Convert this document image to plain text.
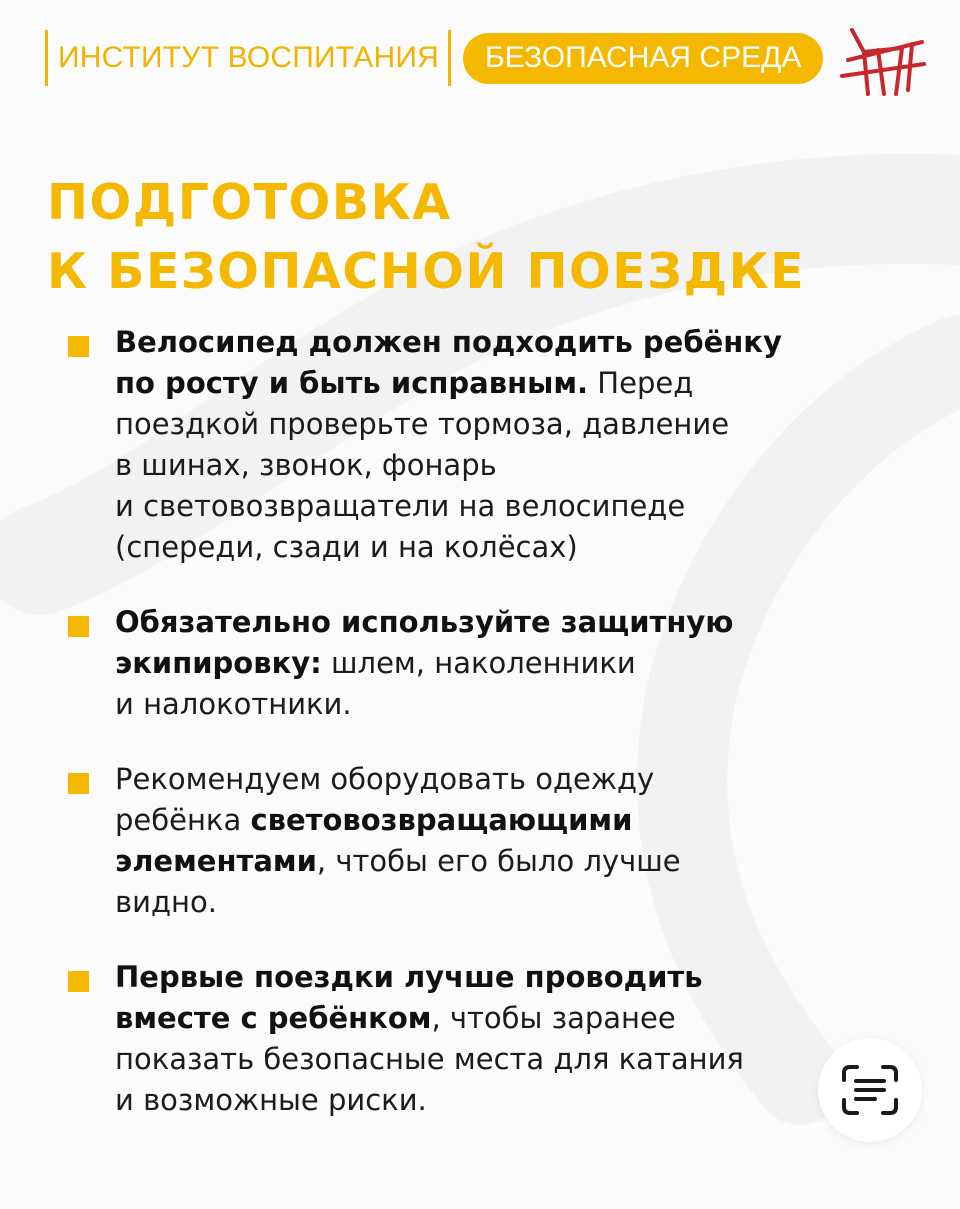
ИНСТИТУТ ВОСПИТАНИЯ	БЕЗОПАСНАЯ СРЕДА
ПОДГОТОВКА
К БЕЗОПАСНОЙ ПОЕЗДКЕ

Велосипед должен подходить ребёнку
по росту и быть исправным. Перед
поездкой проверьте тормоза, давление
в шинах, звонок, фонарь
и световозвращатели на велосипеде
(спереди, сзади и на колёсах)

Обязательно используйте защитную
экипировку: шлем, наколенники
и налокотники.

Рекомендуем оборудовать одежду
ребёнка световозвращающими
элементами, чтобы его было лучше
видно.

Первые поездки лучше проводить
вместе с ребёнком, чтобы заранее
показать безопасные места для катания
и возможные риски.
